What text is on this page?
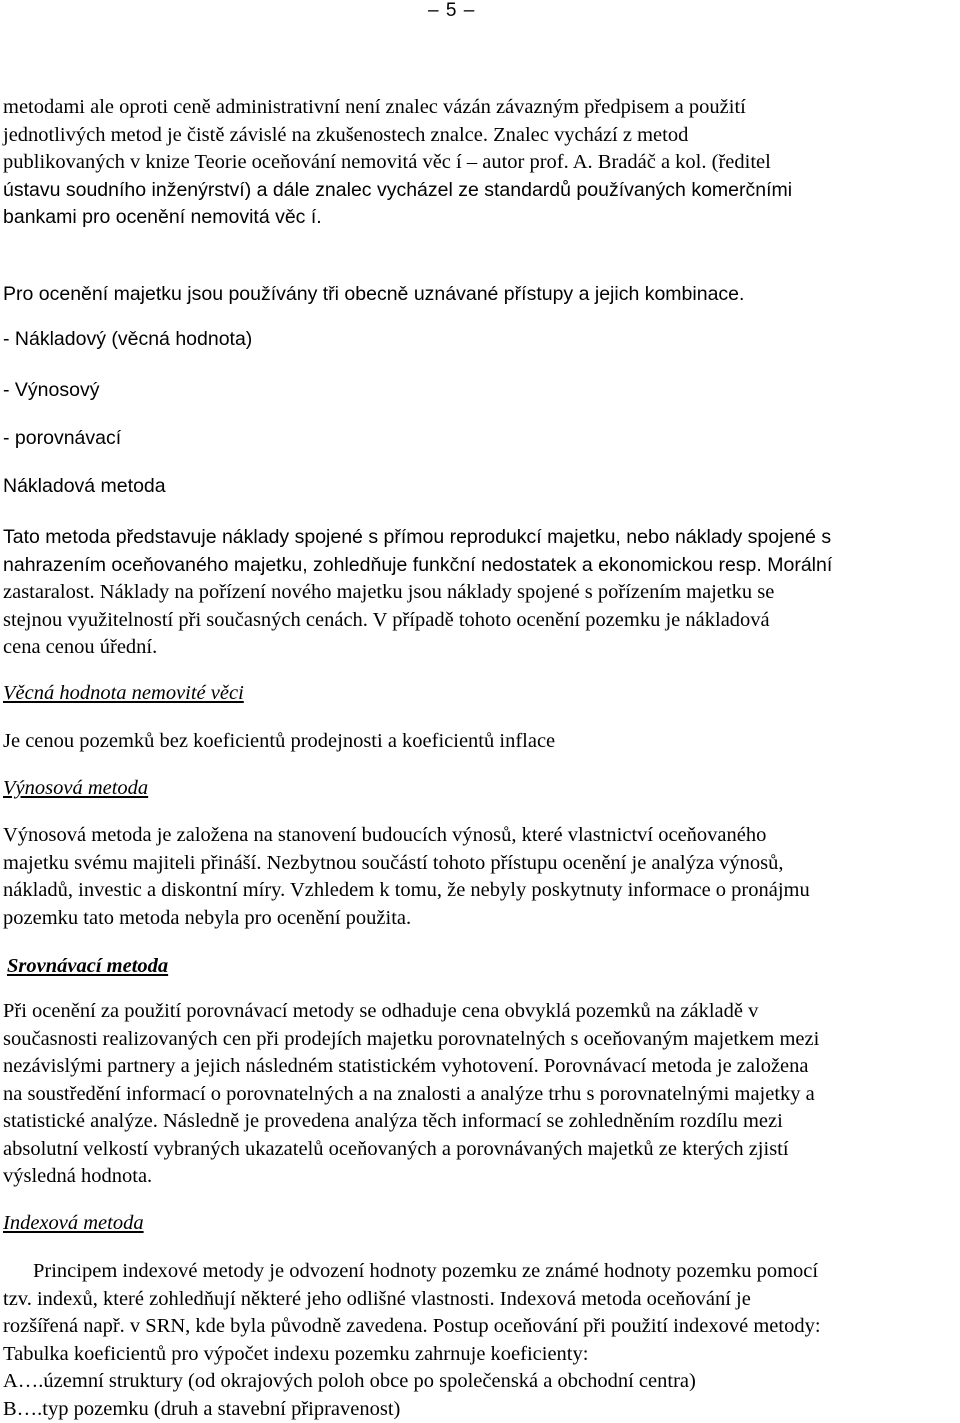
– 5 –
metodami ale oproti ceně administrativní není znalec vázán závazným předpisem a použití
jednotlivých metod je čistě závislé na zkušenostech znalce. Znalec vychází z metod
publikovaných v knize Teorie oceňování nemovitá věc í – autor prof. A. Bradáč a kol. (ředitel
ústavu soudního inženýrství) a dále znalec vycházel ze standardů používaných komerčními
bankami pro ocenění nemovitá věc í.
Pro ocenění majetku jsou používány tři obecně uznávané přístupy a jejich kombinace.
- Nákladový (věcná hodnota)
- Výnosový
- porovnávací
Nákladová metoda
Tato metoda představuje náklady spojené s přímou reprodukcí majetku, nebo náklady spojené s
nahrazením oceňovaného majetku, zohledňuje funkční nedostatek a ekonomickou resp. Morální
zastaralost. Náklady na pořízení nového majetku jsou náklady spojené s pořízením majetku se
stejnou využitelností při současných cenách. V případě tohoto ocenění pozemku je nákladová
cena cenou úřední.
Věcná hodnota nemovité věci
Je cenou pozemků bez koeficientů prodejnosti a koeficientů inflace
Výnosová metoda
Výnosová metoda je založena na stanovení budoucích výnosů, které vlastnictví oceňovaného
majetku svému majiteli přináší. Nezbytnou součástí tohoto přístupu ocenění je analýza výnosů,
nákladů, investic a diskontní míry. Vzhledem k tomu, že nebyly poskytnuty informace o pronájmu
pozemku tato metoda nebyla pro ocenění použita.
Srovnávací metoda
Při ocenění za použití porovnávací metody se odhaduje cena obvyklá pozemků na základě v
současnosti realizovaných cen při prodejích majetku porovnatelných s oceňovaným majetkem mezi
nezávislými partnery a jejich následném statistickém vyhotovení. Porovnávací metoda je založena
na soustředění informací o porovnatelných a na znalosti a analýze trhu s porovnatelnými majetky a
statistické analýze. Následně je provedena analýza těch informací se zohledněním rozdílu mezi
absolutní velkostí vybraných ukazatelů oceňovaných a porovnávaných majetků ze kterých zjistí
výsledná hodnota.
Indexová metoda
Principem indexové metody je odvození hodnoty pozemku ze známé hodnoty pozemku pomocí
tzv. indexů, které zohledňují některé jeho odlišné vlastnosti. Indexová metoda oceňování je
rozšířená např. v SRN, kde byla původně zavedena. Postup oceňování při použití indexové metody:
Tabulka koeficientů pro výpočet indexu pozemku zahrnuje koeficienty:
A….územní struktury (od okrajových poloh obce po společenská a obchodní centra)
B….typ pozemku (druh a stavební připravenost)
